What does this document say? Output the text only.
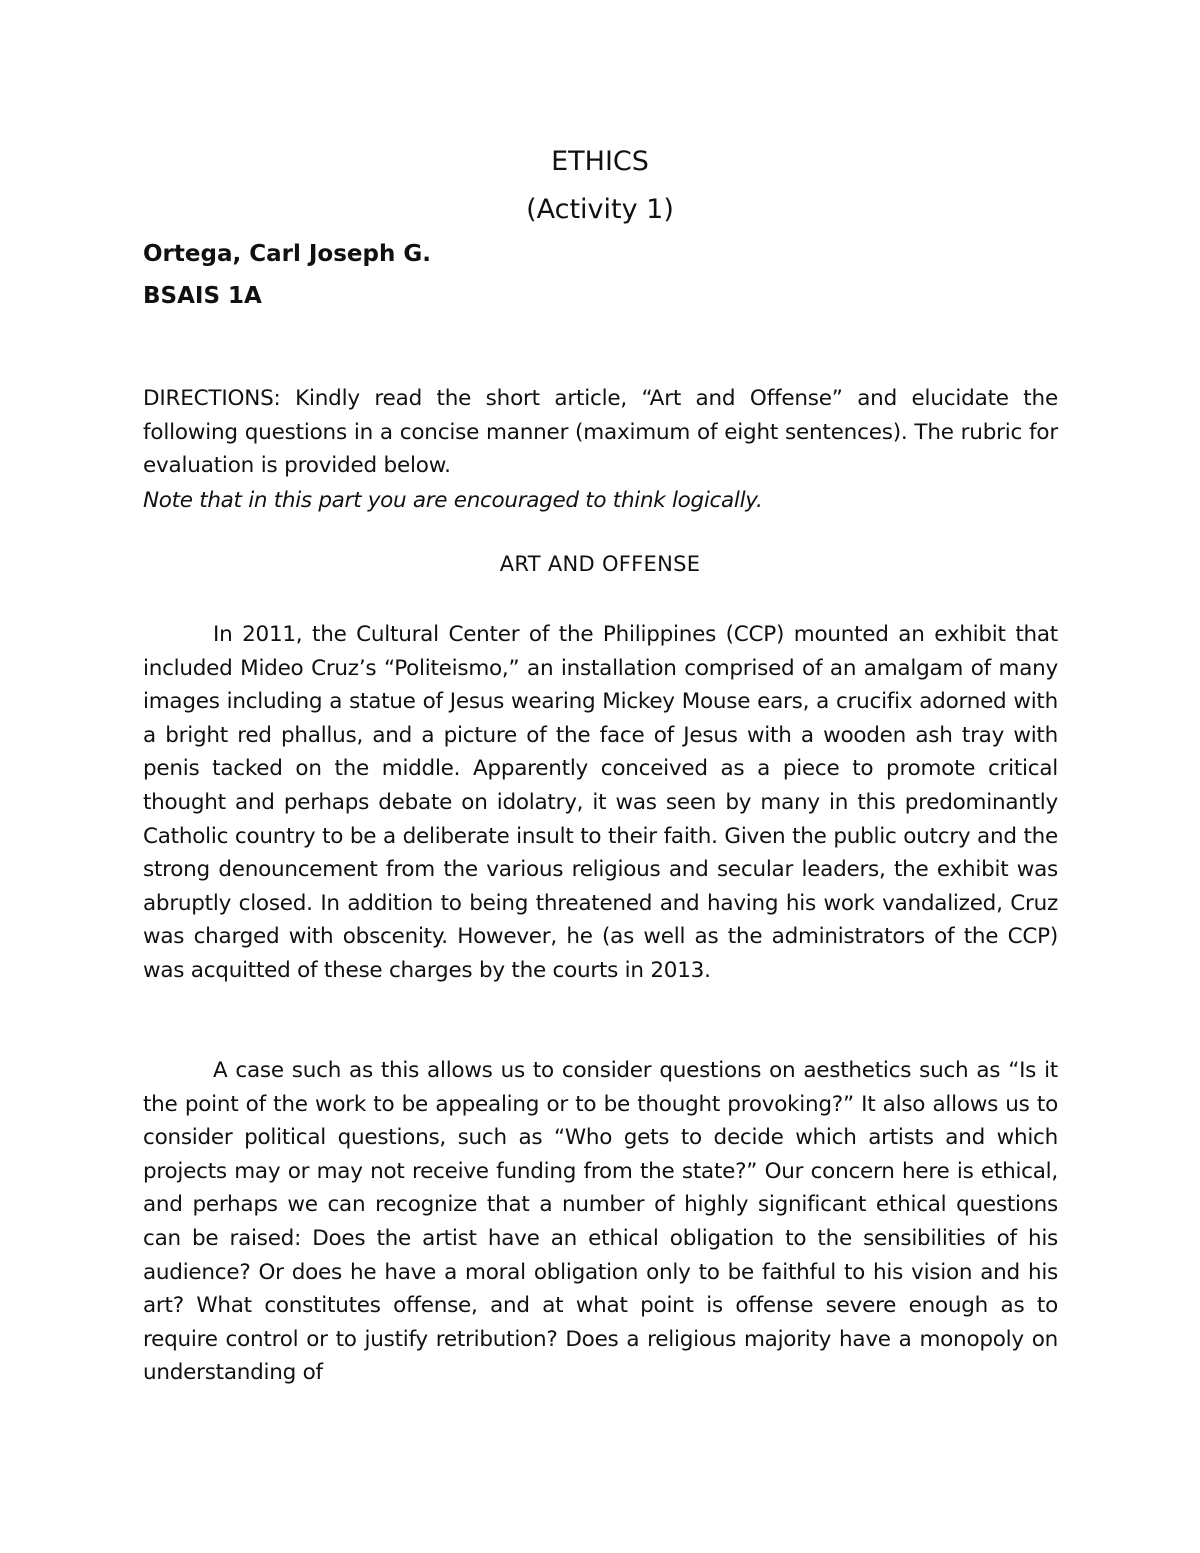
ETHICS
(Activity 1)

Ortega, Carl Joseph G.

BSAIS 1A

DIRECTIONS: Kindly read the short article, “Art and Offense” and elucidate the following questions in a concise manner (maximum of eight sentences). The rubric for evaluation is provided below.

Note that in this part you are encouraged to think logically.

ART AND OFFENSE

In 2011, the Cultural Center of the Philippines (CCP) mounted an exhibit that included Mideo Cruz’s “Politeismo,” an installation comprised of an amalgam of many images including a statue of Jesus wearing Mickey Mouse ears, a crucifix adorned with a bright red phallus, and a picture of the face of Jesus with a wooden ash tray with penis tacked on the middle. Apparently conceived as a piece to promote critical thought and perhaps debate on idolatry, it was seen by many in this predominantly Catholic country to be a deliberate insult to their faith. Given the public outcry and the strong denouncement from the various religious and secular leaders, the exhibit was abruptly closed. In addition to being threatened and having his work vandalized, Cruz was charged with obscenity. However, he (as well as the administrators of the CCP) was acquitted of these charges by the courts in 2013.

A case such as this allows us to consider questions on aesthetics such as “Is it the point of the work to be appealing or to be thought provoking?” It also allows us to consider political questions, such as “Who gets to decide which artists and which projects may or may not receive funding from the state?” Our concern here is ethical, and perhaps we can recognize that a number of highly significant ethical questions can be raised: Does the artist have an ethical obligation to the sensibilities of his audience? Or does he have a moral obligation only to be faithful to his vision and his art? What constitutes offense, and at what point is offense severe enough as to require control or to justify retribution? Does a religious majority have a monopoly on understanding of
